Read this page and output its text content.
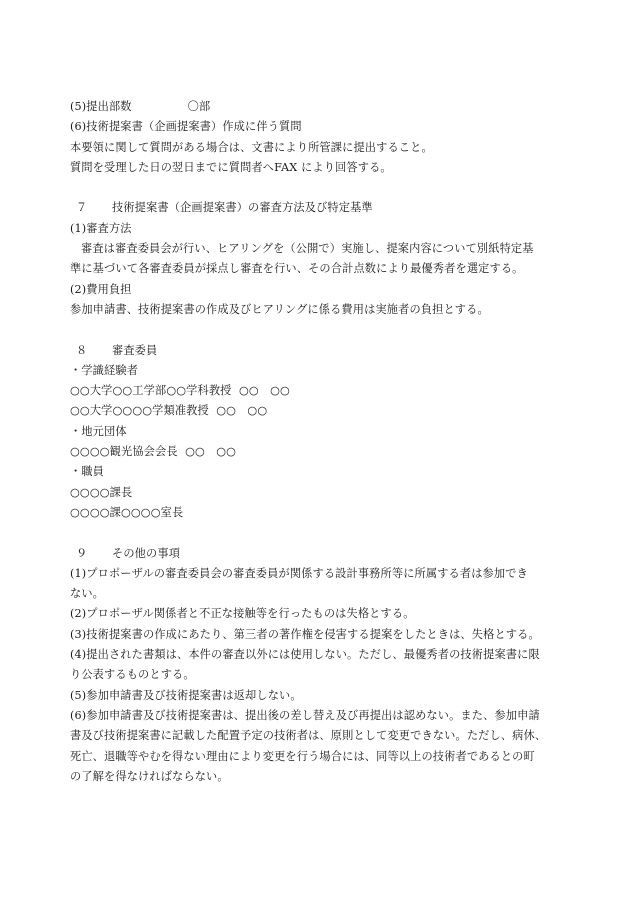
(5)提出部数	〇部
(6)技術提案書（企画提案書）作成に伴う質問
本要領に関して質問がある場合は、文書により所管課に提出すること。
質問を受理した日の翌日までに質問者へFAX により回答する。
７ 技術提案書（企画提案書）の審査方法及び特定基準
(1)審査方法
審査は審査委員会が行い、ヒアリングを（公開で）実施し、提案内容について別紙特定基
準に基づいて各審査委員が採点し審査を行い、その合計点数により最優秀者を選定する。
(2)費用負担
参加申請書、技術提案書の作成及びヒアリングに係る費用は実施者の負担とする。
８ 審査委員
・学識経験者
○○大学○○工学部○○学科教授 ○○　○○
○○大学○○○○学類准教授 ○○　○○
・地元団体
○○○○観光協会会長 ○○　○○
・職員
○○○○課長
○○○○課○○○○室長
９ その他の事項
(1)プロポーザルの審査委員会の審査委員が関係する設計事務所等に所属する者は参加でき
ない。
(2)プロポーザル関係者と不正な接触等を行ったものは失格とする。
(3)技術提案書の作成にあたり、第三者の著作権を侵害する提案をしたときは、失格とする。
(4)提出された書類は、本件の審査以外には使用しない。ただし、最優秀者の技術提案書に限
り公表するものとする。
(5)参加申請書及び技術提案書は返却しない。
(6)参加申請書及び技術提案書は、提出後の差し替え及び再提出は認めない。また、参加申請
書及び技術提案書に記載した配置予定の技術者は、原則として変更できない。ただし、病休、
死亡、退職等やむを得ない理由により変更を行う場合には、同等以上の技術者であるとの町
の了解を得なければならない。
